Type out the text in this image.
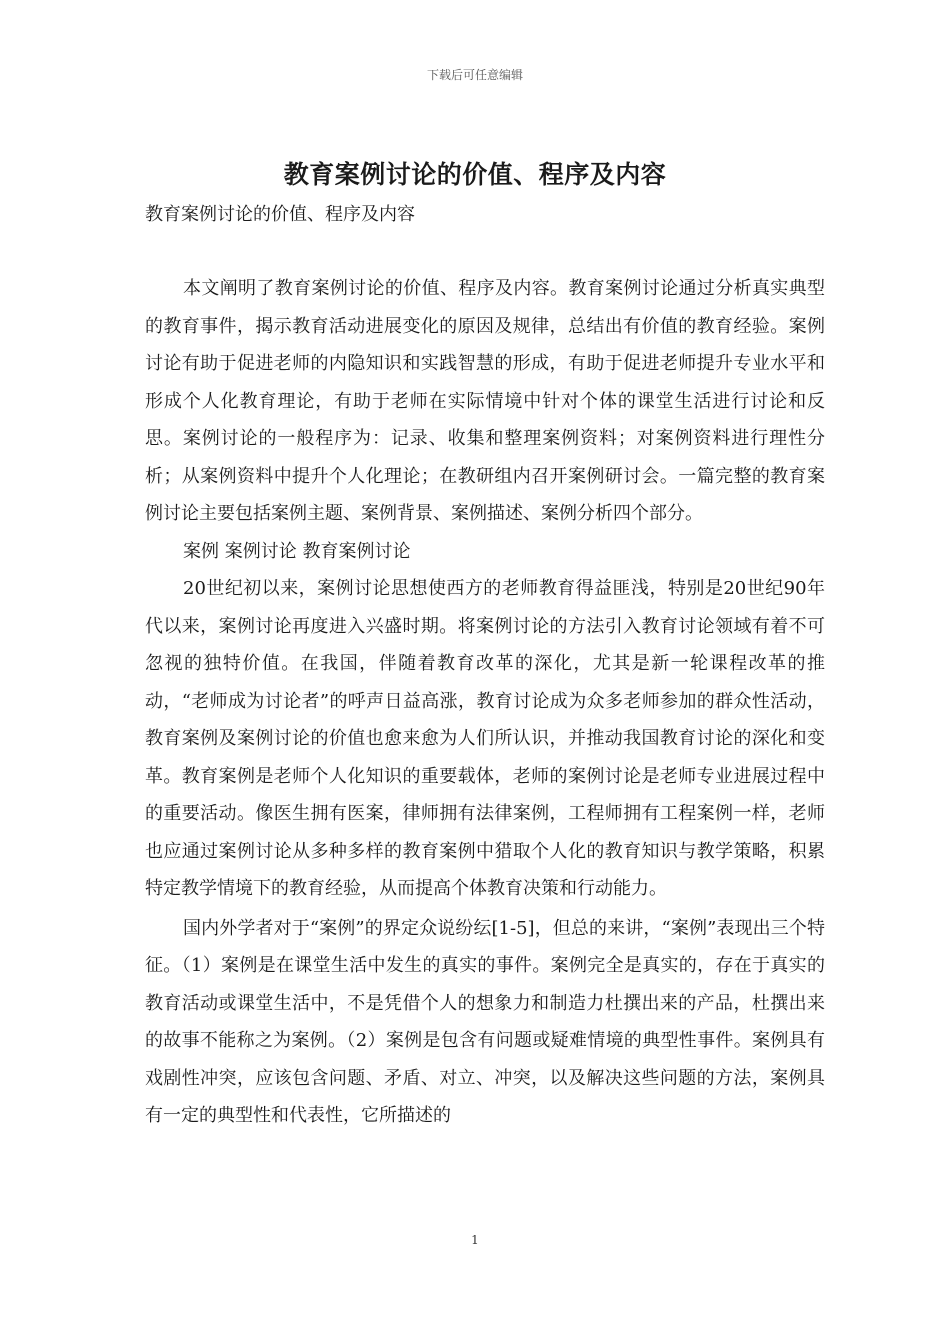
下载后可任意编辑
教育案例讨论的价值、程序及内容
教育案例讨论的价值、程序及内容

本文阐明了教育案例讨论的价值、程序及内容。教育案例讨论通过分析真实典型的教育事件，揭示教育活动进展变化的原因及规律，总结出有价值的教育经验。案例讨论有助于促进老师的内隐知识和实践智慧的形成，有助于促进老师提升专业水平和形成个人化教育理论，有助于老师在实际情境中针对个体的课堂生活进行讨论和反思。案例讨论的一般程序为：记录、收集和整理案例资料；对案例资料进行理性分析；从案例资料中提升个人化理论；在教研组内召开案例研讨会。一篇完整的教育案例讨论主要包括案例主题、案例背景、案例描述、案例分析四个部分。

案例 案例讨论 教育案例讨论

20世纪初以来，案例讨论思想使西方的老师教育得益匪浅，特别是20世纪90年代以来，案例讨论再度进入兴盛时期。将案例讨论的方法引入教育讨论领域有着不可忽视的独特价值。在我国，伴随着教育改革的深化，尤其是新一轮课程改革的推动，“老师成为讨论者”的呼声日益高涨，教育讨论成为众多老师参加的群众性活动，教育案例及案例讨论的价值也愈来愈为人们所认识，并推动我国教育讨论的深化和变革。教育案例是老师个人化知识的重要载体，老师的案例讨论是老师专业进展过程中的重要活动。像医生拥有医案，律师拥有法律案例，工程师拥有工程案例一样，老师也应通过案例讨论从多种多样的教育案例中猎取个人化的教育知识与教学策略，积累特定教学情境下的教育经验，从而提高个体教育决策和行动能力。

国内外学者对于“案例”的界定众说纷纭[1-5]，但总的来讲，“案例”表现出三个特征。（1）案例是在课堂生活中发生的真实的事件。案例完全是真实的，存在于真实的教育活动或课堂生活中，不是凭借个人的想象力和制造力杜撰出来的产品，杜撰出来的故事不能称之为案例。（2）案例是包含有问题或疑难情境的典型性事件。案例具有戏剧性冲突，应该包含问题、矛盾、对立、冲突，以及解决这些问题的方法，案例具有一定的典型性和代表性，它所描述的

1
